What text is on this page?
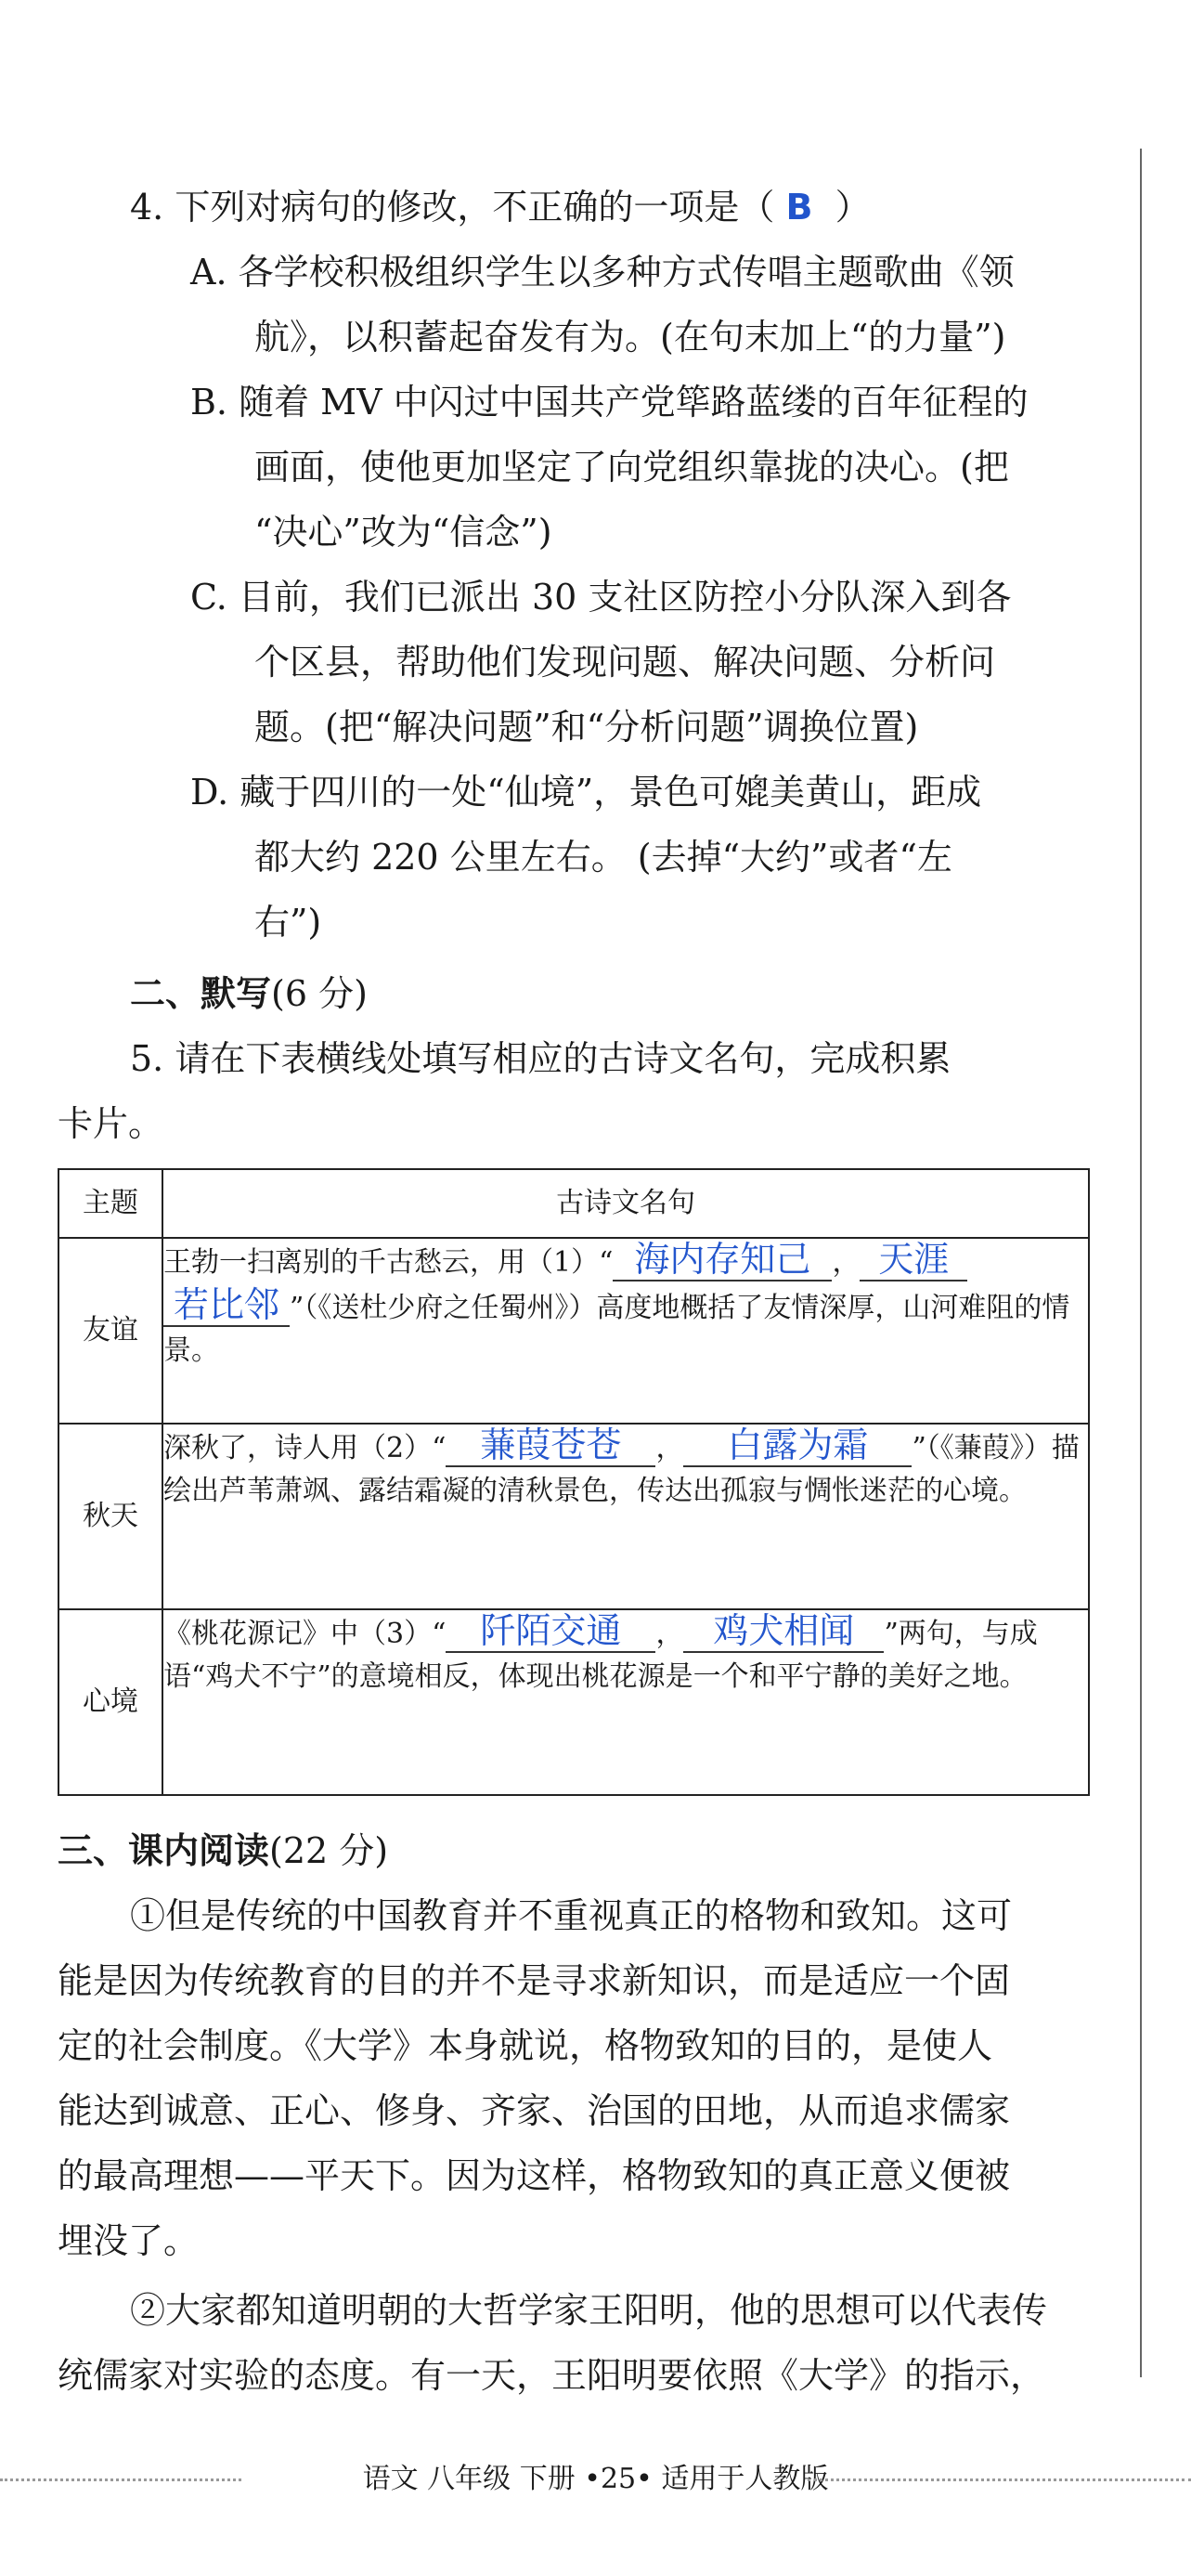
4. 下列对病句的修改，不正确的一项是（ B ）
A. 各学校积极组织学生以多种方式传唱主题歌曲《领
航》，以积蓄起奋发有为。(在句末加上“的力量”)
B. 随着 MV 中闪过中国共产党筚路蓝缕的百年征程的
画面，使他更加坚定了向党组织靠拢的决心。(把
“决心”改为“信念”)
C. 目前，我们已派出 30 支社区防控小分队深入到各
个区县，帮助他们发现问题、解决问题、分析问
题。(把“解决问题”和“分析问题”调换位置)
D. 藏于四川的一处“仙境”，景色可媲美黄山，距成
都大约 220 公里左右。 (去掉“大约”或者“左
右”)
二、默写(6 分)
5. 请在下表横线处填写相应的古诗文名句，完成积累
卡片。
主题	古诗文名句
友谊	王勃一扫离别的千古愁云，用（1）“ 海内存知己 ， 天涯
若比邻 ”（《送杜少府之任蜀州》）高度地概括了友情深厚，山河难阻的情景。
秋天	深秋了，诗人用（2）“ 蒹葭苍苍 ， 白露为霜 ”（《蒹葭》）描绘出芦苇萧飒、露结霜凝的清秋景色，传达出孤寂与惆怅迷茫的心境。
心境	《桃花源记》中（3）“ 阡陌交通 ， 鸡犬相闻 ”两句，与成语“鸡犬不宁”的意境相反，体现出桃花源是一个和平宁静的美好之地。
三、课内阅读(22 分)
①但是传统的中国教育并不重视真正的格物和致知。这可
能是因为传统教育的目的并不是寻求新知识，而是适应一个固
定的社会制度。《大学》本身就说，格物致知的目的，是使人
能达到诚意、正心、修身、齐家、治国的田地，从而追求儒家
的最高理想——平天下。因为这样，格物致知的真正意义便被
埋没了。
②大家都知道明朝的大哲学家王阳明，他的思想可以代表传
统儒家对实验的态度。有一天，王阳明要依照《大学》的指示，
语文 八年级 下册 •25• 适用于人教版
